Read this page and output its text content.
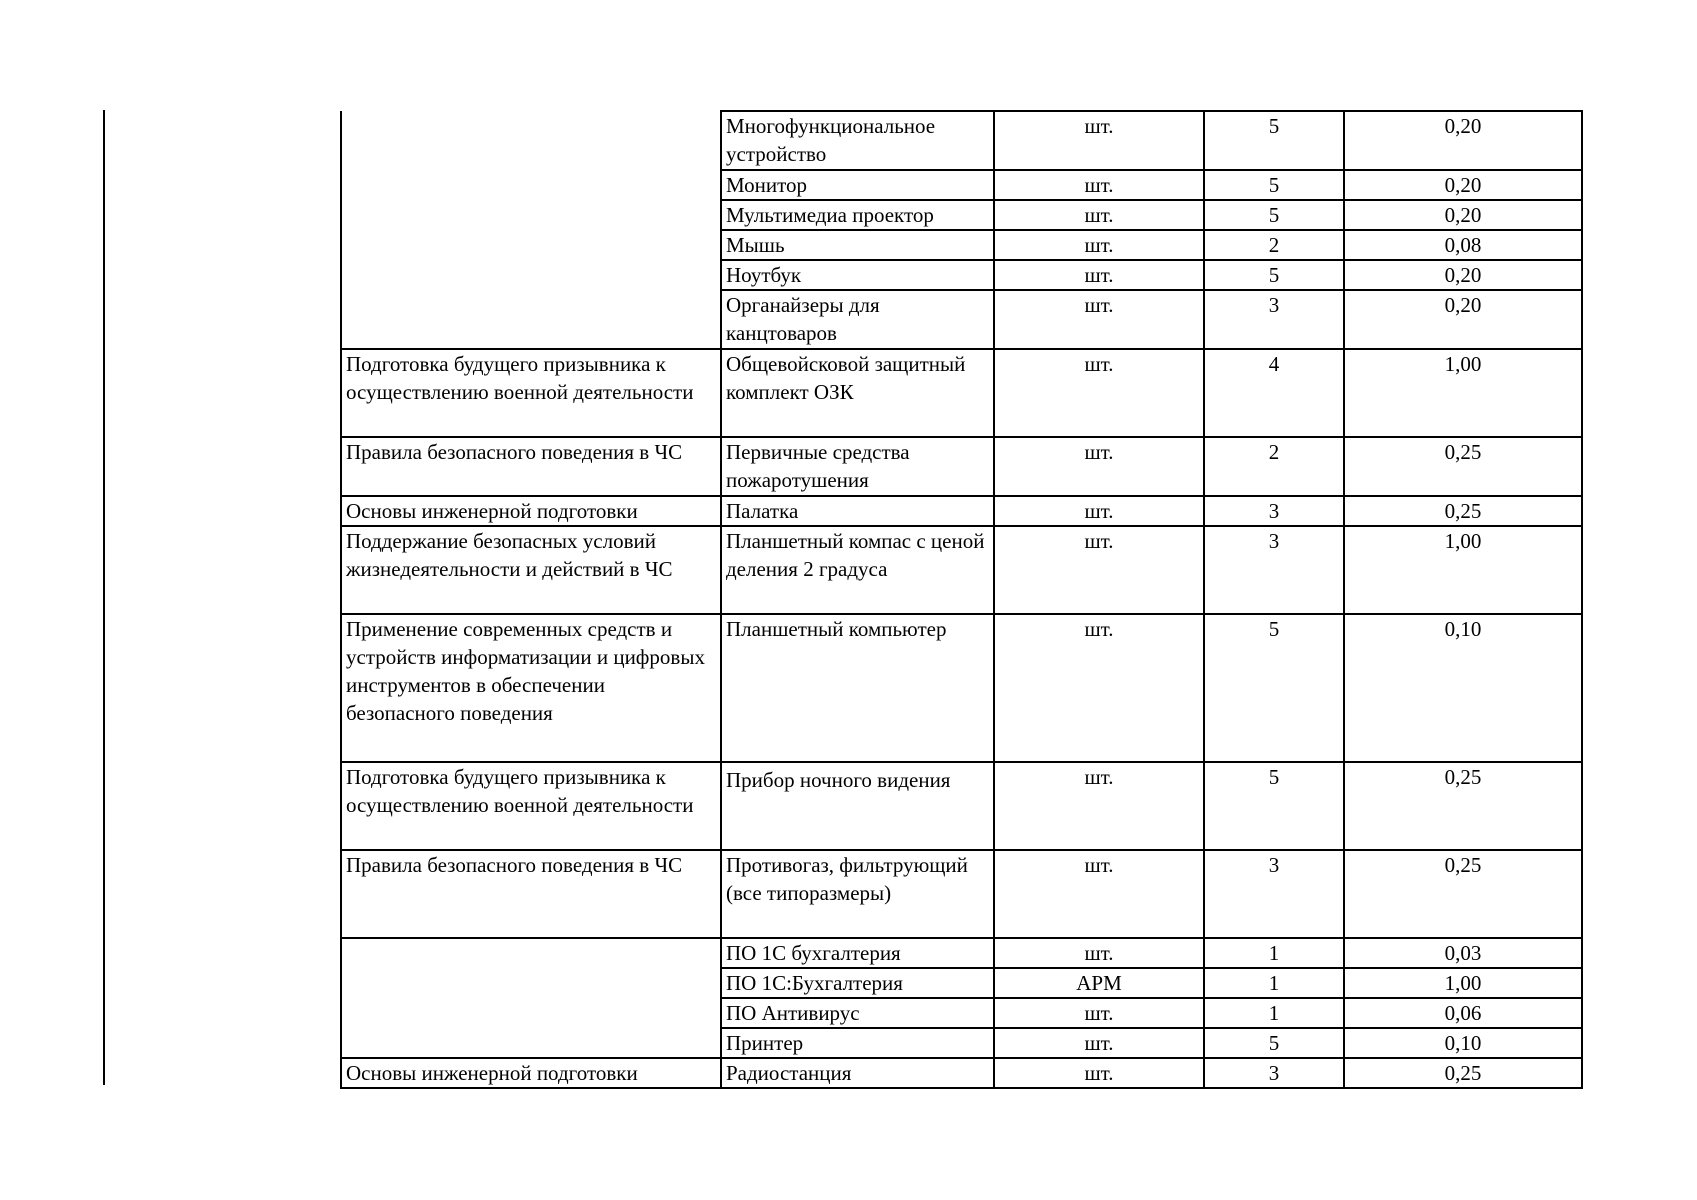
	Многофункциональное устройство	шт.	5	0,20
	Монитор	шт.	5	0,20
	Мультимедиа проектор	шт.	5	0,20
	Мышь	шт.	2	0,08
	Ноутбук	шт.	5	0,20
	Органайзеры для канцтоваров	шт.	3	0,20
Подготовка будущего призывника к осуществлению военной деятельности	Общевойсковой защитный комплект ОЗК	шт.	4	1,00
Правила безопасного поведения в ЧС	Первичные средства пожаротушения	шт.	2	0,25
Основы инженерной подготовки	Палатка	шт.	3	0,25
Поддержание безопасных условий жизнедеятельности и действий в ЧС	Планшетный компас с ценой деления 2 градуса	шт.	3	1,00
Применение современных средств и устройств информатизации и цифровых инструментов в обеспечении безопасного поведения	Планшетный компьютер	шт.	5	0,10
Подготовка будущего призывника к осуществлению военной деятельности	Прибор ночного видения	шт.	5	0,25
Правила безопасного поведения в ЧС	Противогаз, фильтрующий (все типоразмеры)	шт.	3	0,25
	ПО 1С бухгалтерия	шт.	1	0,03
	ПО 1С:Бухгалтерия	АРМ	1	1,00
	ПО Антивирус	шт.	1	0,06
	Принтер	шт.	5	0,10
Основы инженерной подготовки	Радиостанция	шт.	3	0,25
